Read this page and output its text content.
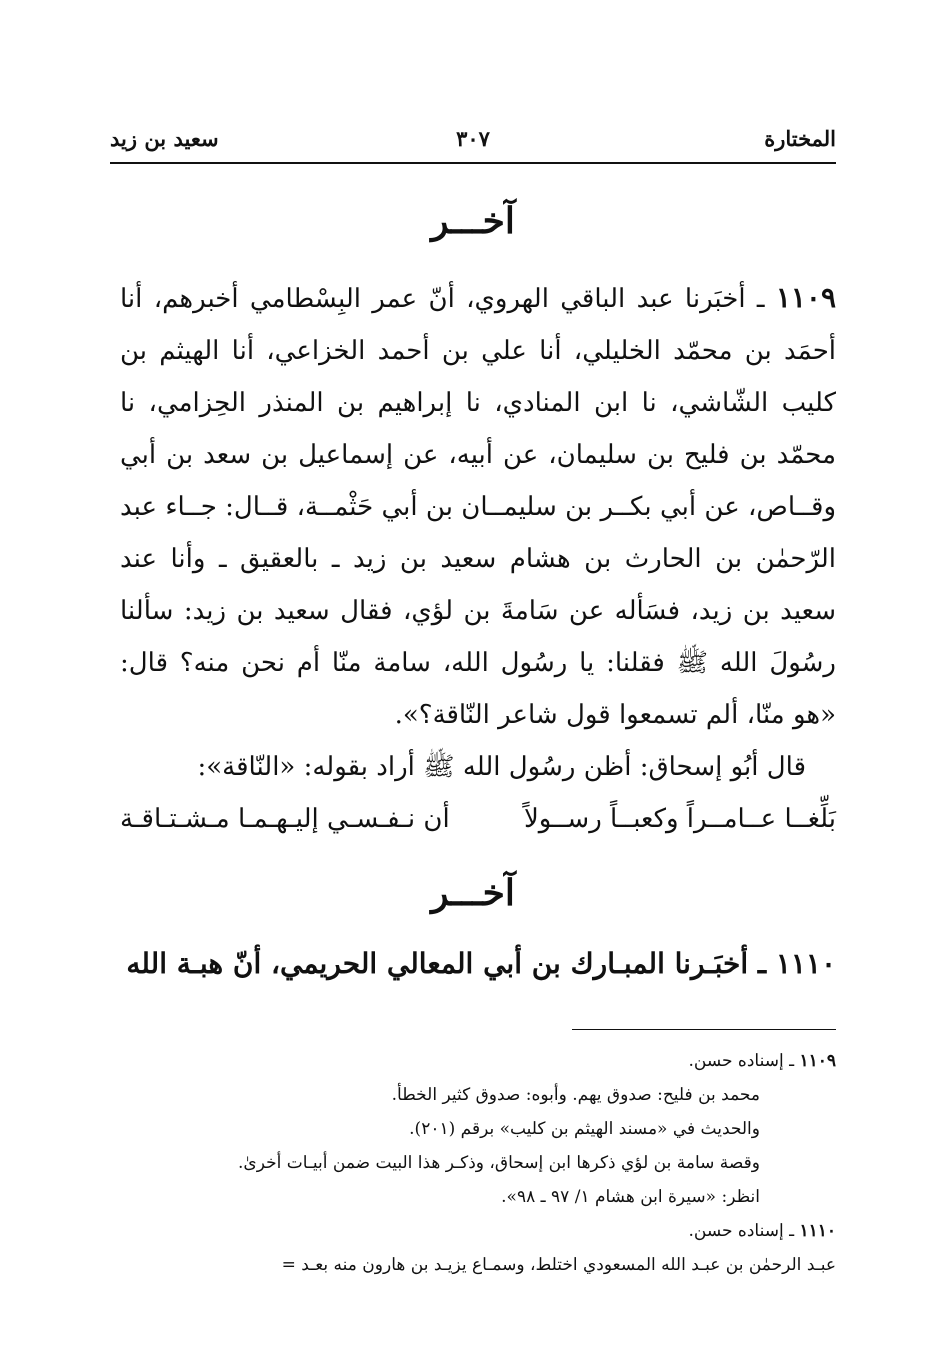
المختارة
٣٠٧
سعيد بن زيد
آخـــر

١١٠٩ ـ أخبَرنا عبد الباقي الهروي، أنّ عمر البِسْطامي أخبرهم، أنا أحمَد بن محمّد الخليلي، أنا علي بن أحمد الخزاعي، أنا الهيثم بن كليب الشّاشي، نا ابن المنادي، نا إبراهيم بن المنذر الحِزامي، نا محمّد بن فليح بن سليمان، عن أبيه، عن إسماعيل بن سعد بن أبي وقــاص، عن أبي بكــر بن سليمــان بن أبي حَثْمــة، قــال: جــاء عبد الرّحمٰن بن الحارث بن هشام سعيد بن زيد ـ بالعقيق ـ وأنا عند سعيد بن زيد، فسَأله عن سَامةَ بن لؤي، فقال سعيد بن زيد: سألنا رسُولَ الله ﷺ فقلنا: يا رسُول الله، سامة منّا أم نحن منه؟ قال: «هو منّا، ألم تسمعوا قول شاعر النّاقة؟».

قال أبُو إسحاق: أظن رسُول الله ﷺ أراد بقوله: «النّاقة»:

بَلِّغــا عــامــراً وكعبــاً رســولاً
أن نـفـسـي إليـهـمـا مـشـتـاقـة
آخـــر

١١١٠ ـ أخبَـرنا المبـارك بن أبي المعالي الحريمي، أنّ هبـة الله

١١٠٩ ـ إسناده حسن.

محمد بن فليح: صدوق يهم. وأبوه: صدوق كثير الخطأ.

والحديث في «مسند الهيثم بن كليب» برقم (٢٠١).

وقصة سامة بن لؤي ذكرها ابن إسحاق، وذكـر هذا البيت ضمن أبيـات أخرىٰ.

انظر: «سيرة ابن هشام ١/ ٩٧ ـ ٩٨».

١١١٠ ـ إسناده حسن.

عبـد الرحمٰن بن عبـد الله المسعودي اختلط، وسمـاع يزيـد بن هارون منه بعـد =
